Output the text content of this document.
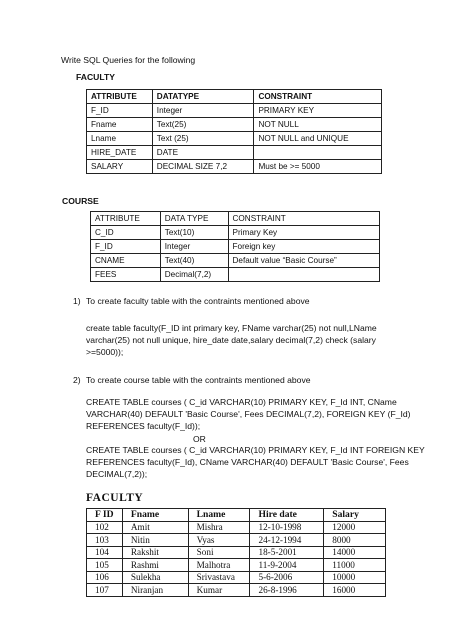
Write SQL Queries for the following
FACULTY
ATTRIBUTE	DATATYPE	CONSTRAINT
F_ID	Integer	PRIMARY KEY
Fname	Text(25)	NOT NULL
Lname	Text (25)	NOT NULL and UNIQUE
HIRE_DATE	DATE	
SALARY	DECIMAL SIZE 7,2	Must be >= 5000
COURSE
ATTRIBUTE	DATA TYPE	CONSTRAINT
C_ID	Text(10)	Primary Key
F_ID	Integer	Foreign key
CNAME	Text(40)	Default value “Basic Course”
FEES	Decimal(7,2)	
1) To create faculty table with the contraints mentioned above
create table faculty(F_ID int primary key, FName varchar(25) not null,LName
varchar(25) not null unique, hire_date date,salary decimal(7,2) check (salary
>=5000));
2) To create course table with the contraints mentioned above
CREATE TABLE courses ( C_id VARCHAR(10) PRIMARY KEY, F_Id INT, CName
VARCHAR(40) DEFAULT 'Basic Course', Fees DECIMAL(7,2), FOREIGN KEY (F_Id)
REFERENCES faculty(F_Id));
OR
CREATE TABLE courses ( C_id VARCHAR(10) PRIMARY KEY, F_Id INT FOREIGN KEY
REFERENCES faculty(F_Id), CName VARCHAR(40) DEFAULT 'Basic Course', Fees
DECIMAL(7,2));
FACULTY
F ID	Fname	Lname	Hire date	Salary
102	Amit	Mishra	12-10-1998	12000
103	Nitin	Vyas	24-12-1994	8000
104	Rakshit	Soni	18-5-2001	14000
105	Rashmi	Malhotra	11-9-2004	11000
106	Sulekha	Srivastava	5-6-2006	10000
107	Niranjan	Kumar	26-8-1996	16000
